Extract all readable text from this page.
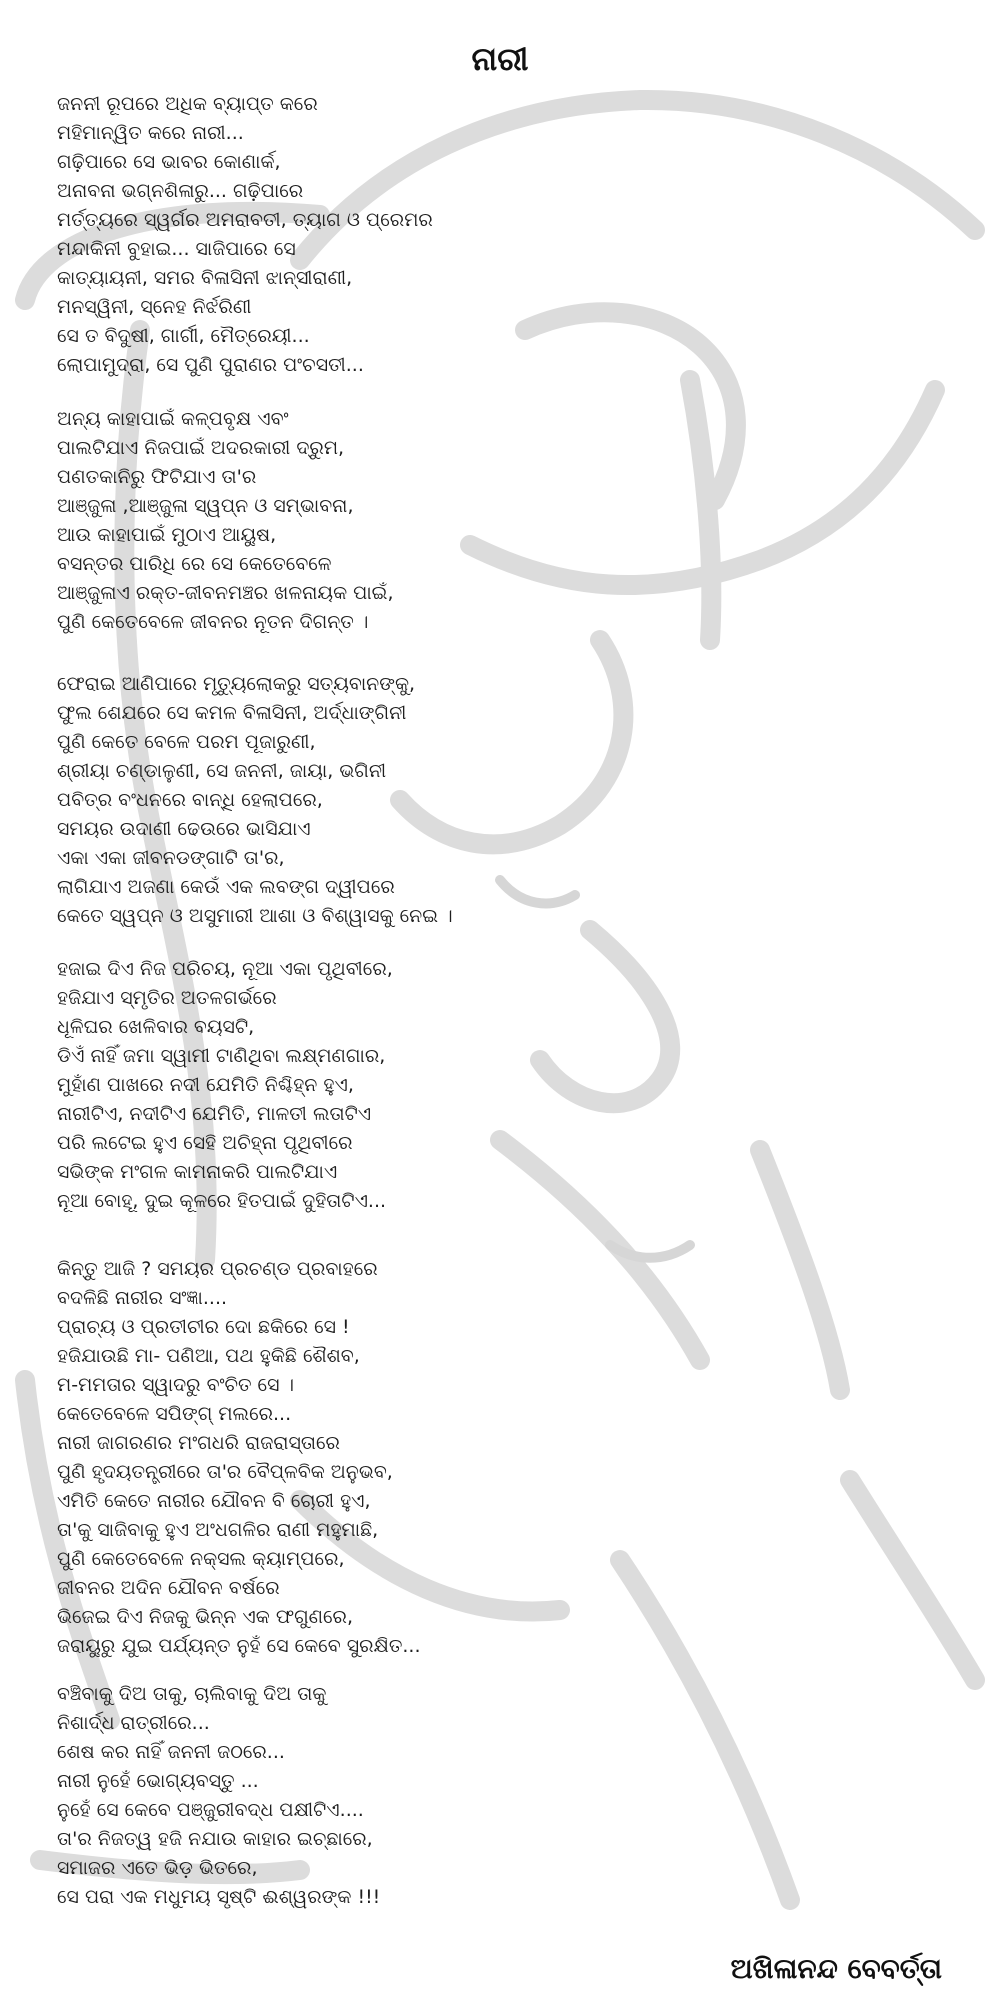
ନାରୀ
ଜନନୀ ରୂପରେ ଅଧିକ ବ୍ୟାପ୍ତ କରେ
ମହିମାନ୍ୱିତ କରେ ନାରୀ...
ଗଢ଼ିପାରେ ସେ ଭାବର କୋଣାର୍କ,
ଅନାବନା ଭଗ୍ନଶିଳାରୁ... ଗଢ଼ିପାରେ
ମର୍ତ୍ତ୍ୟରେ ସ୍ୱର୍ଗର ଅମରାବତୀ, ତ୍ୟାଗ ଓ ପ୍ରେମର
ମନ୍ଦାକିନୀ ବୁହାଇ... ସାଜିପାରେ ସେ
କାତ୍ୟାୟନୀ, ସମର ବିଳାସିନୀ ଝାନ୍ସୀରାଣୀ,
ମନସ୍ୱିନୀ, ସ୍ନେହ ନିର୍ଝରିଣୀ
ସେ ତ ବିଦୁଷୀ, ଗାର୍ଗୀ, ମୈତ୍ରେୟୀ...
ଲୋପାମୁଦ୍ରା, ସେ ପୁଣି ପୁରାଣର ପଂଚସତୀ...
ଅନ୍ୟ କାହାପାଇଁ କଳ୍ପବୃକ୍ଷ ଏବଂ
ପାଲଟିଯାଏ ନିଜପାଇଁ ଅଦରକାରୀ ଦ୍ରୁମ,
ପଣତକାନିରୁ ଫିଟିଯାଏ ତା'ର
ଆଞ୍ଜୁଳା ,ଆଞ୍ଜୁଳା ସ୍ୱପ୍ନ ଓ ସମ୍ଭାବନା,
ଆଉ କାହାପାଇଁ ମୁଠାଏ ଆୟୁଷ,
ବସନ୍ତର ପାରିଧି ରେ ସେ କେତେବେଳେ
ଆଞ୍ଜୁଳାଏ ରକ୍ତ-ଜୀବନମଞ୍ଚର ଖଳନାୟକ ପାଇଁ,
ପୁଣି କେତେବେଳେ ଜୀବନର ନୂତନ ଦିଗନ୍ତ ।
ଫେରାଇ ଆଣିପାରେ ମୃତ୍ୟୁଲୋକରୁ ସତ୍ୟବାନଙ୍କୁ,
ଫୁଲ ଶେଯରେ ସେ କମଳ ବିଳାସିନୀ, ଅର୍ଦ୍ଧାଙ୍ଗିନୀ
ପୁଣି କେତେ ବେଳେ ପରମ ପୂଜାରୁଣୀ,
ଶ୍ରୀୟା ଚଣ୍ଡାଳୁଣୀ, ସେ ଜନନୀ, ଜାୟା, ଭଗିନୀ
ପବିତ୍ର ବଂଧନରେ ବାନ୍ଧି ହେଲାପରେ,
ସମୟର ଉଦାଣୀ ଢେଉରେ ଭାସିଯାଏ
ଏକା ଏକା ଜୀବନଡଙ୍ଗାଟି ତା'ର,
ଲାଗିଯାଏ ଅଜଣା କେଉଁ ଏକ ଲବଙ୍ଗ ଦ୍ୱୀପରେ
କେତେ ସ୍ୱପ୍ନ ଓ ଅସୁମାରୀ ଆଶା ଓ ବିଶ୍ୱାସକୁ ନେଇ ।
ହଜାଇ ଦିଏ ନିଜ ପରିଚୟ, ନୂଆ ଏକା ପୃଥିବୀରେ,
ହଜିଯାଏ ସ୍ମୃତିର ଅତଳଗର୍ଭରେ
ଧୂଳିଘର ଖେଳିବାର ବୟସଟି,
ଡିଏଁ ନାହିଁ ଜମା ସ୍ୱାମୀ ଟାଣିଥିବା ଲକ୍ଷ୍ମଣଗାର,
ମୁହାଁଣ ପାଖରେ ନଦୀ ଯେମିତି ନିଶ୍ଚିହ୍ନ ହୁଏ,
ନାରୀଟିଏ, ନଦୀଟିଏ ଯେମିତି, ମାଳତୀ ଲତାଟିଏ
ପରି ଲଟେଇ ହୁଏ ସେହି ଅଚିହ୍ନା ପୃଥିବୀରେ
ସଭିଙ୍କ ମଂଗଳ କାମନାକରି ପାଲଟିଯାଏ
ନୂଆ ବୋହୂ, ଦୁଇ କୂଳରେ ହିତପାଇଁ ଦୁହିତାଟିଏ...
କିନ୍ତୁ ଆଜି ? ସମୟର ପ୍ରଚଣ୍ଡ ପ୍ରବାହରେ
ବଦଳିଛି ନାରୀର ସଂଜ୍ଞା....
ପ୍ରାଚ୍ୟ ଓ ପ୍ରତୀଚୀର ଦୋ ଛକିରେ ସେ !
ହଜିଯାଉଛି ମା- ପଣିଆ, ପଥ ହୁକିଛି ଶୈଶବ,
ମ-ମମତାର ସ୍ୱାଦରୁ ବଂଚିତ ସେ ।
କେତେବେଳେ ସପିଙ୍ଗ୍ ମଲରେ...
ନାରୀ ଜାଗରଣର ମଂଗଧରି ରାଜରାସ୍ତାରେ
ପୁଣି ହୃଦୟତନ୍ତ୍ରୀରେ ତା'ର ବୈପ୍ଳବିକ ଅନୁଭବ,
ଏମିତି କେତେ ନାରୀର ଯୌବନ ବି ଚୋରୀ ହୁଏ,
ତା'କୁ ସାଜିବାକୁ ହୁଏ ଅଂଧଗଳିର ରାଣୀ ମହୁମାଛି,
ପୁଣି କେତେବେଳେ ନକ୍ସଲ କ୍ୟାମ୍ପରେ,
ଜୀବନର ଅଦିନ ଯୌବନ ବର୍ଷରେ
ଭିଜେଇ ଦିଏ ନିଜକୁ ଭିନ୍ନ ଏକ ଫଗୁଣରେ,
ଜରାୟୁରୁ ଯୁଇ ପର୍ଯ୍ୟନ୍ତ ନୁହଁ ସେ କେବେ ସୁରକ୍ଷିତ...
ବଞ୍ଚିବାକୁ ଦିଅ ତାକୁ, ଚାଲିବାକୁ ଦିଅ ତାକୁ
ନିଶାର୍ଦ୍ଧ ରାତ୍ରୀରେ...
ଶେଷ କର ନାହିଁ ଜନନୀ ଜଠରେ...
ନାରୀ ନୁହେଁ ଭୋଗ୍ୟବସ୍ତୁ ...
ନୁହେଁ ସେ କେବେ ପଞ୍ଜୁରୀବଦ୍ଧ ପକ୍ଷୀଟିଏ....
ତା'ର ନିଜତ୍ୱ ହଜି ନଯାଉ କାହାର ଇଚ୍ଛାରେ,
ସମାଜର ଏତେ ଭିଡ଼ ଭିତରେ,
ସେ ପରା ଏକ ମଧୁମୟ ସୃଷ୍ଟି ଈଶ୍ୱରଙ୍କ !!!
ଅଖିଳାନନ୍ଦ ବେବର୍ତ୍ତା
